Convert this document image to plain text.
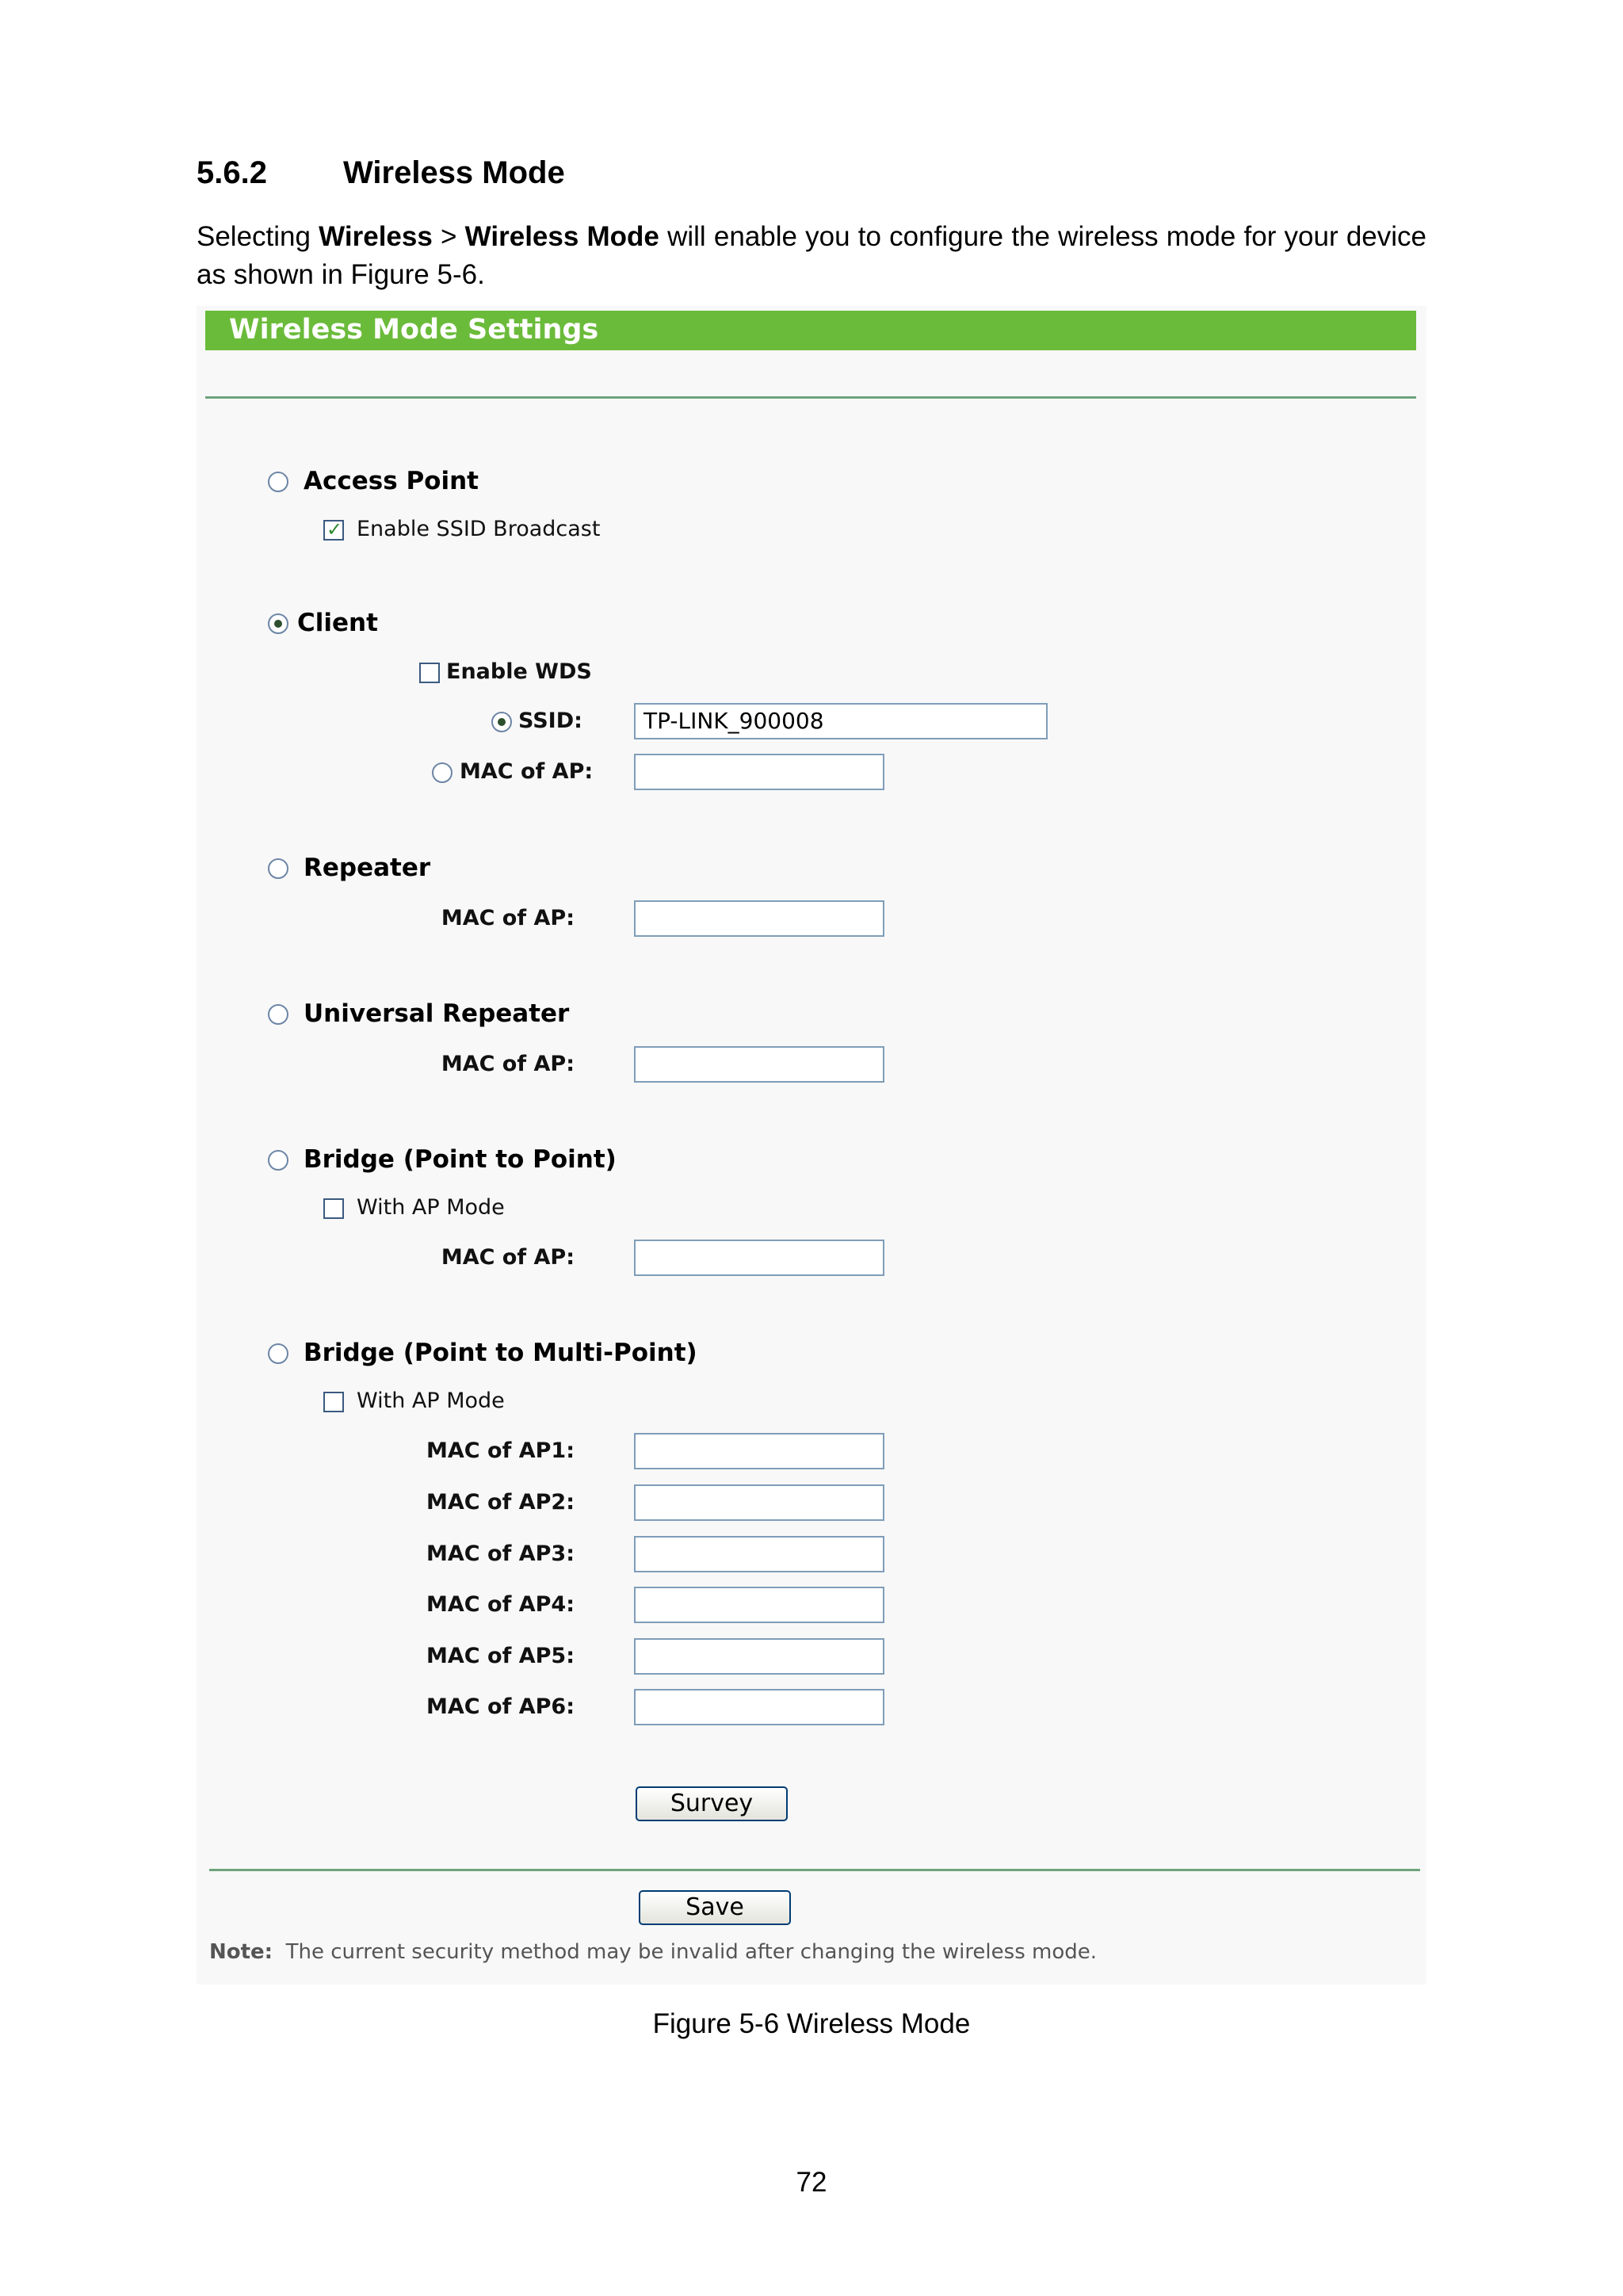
5.6.2 Wireless Mode
Selecting Wireless > Wireless Mode will enable you to configure the wireless mode for your device as shown in Figure 5-6.
Wireless Mode Settings
Access Point
✓
Enable SSID Broadcast
Client
Enable WDS
SSID:	TP-LINK_900008
MAC of AP:
Repeater
MAC of AP:
Universal Repeater
MAC of AP:
Bridge (Point to Point)
With AP Mode
MAC of AP:
Bridge (Point to Multi-Point)
With AP Mode
MAC of AP1:
MAC of AP2:
MAC of AP3:
MAC of AP4:
MAC of AP5:
MAC of AP6:
Survey
Save
Note: The current security method may be invalid after changing the wireless mode.
Figure 5-6 Wireless Mode
72
